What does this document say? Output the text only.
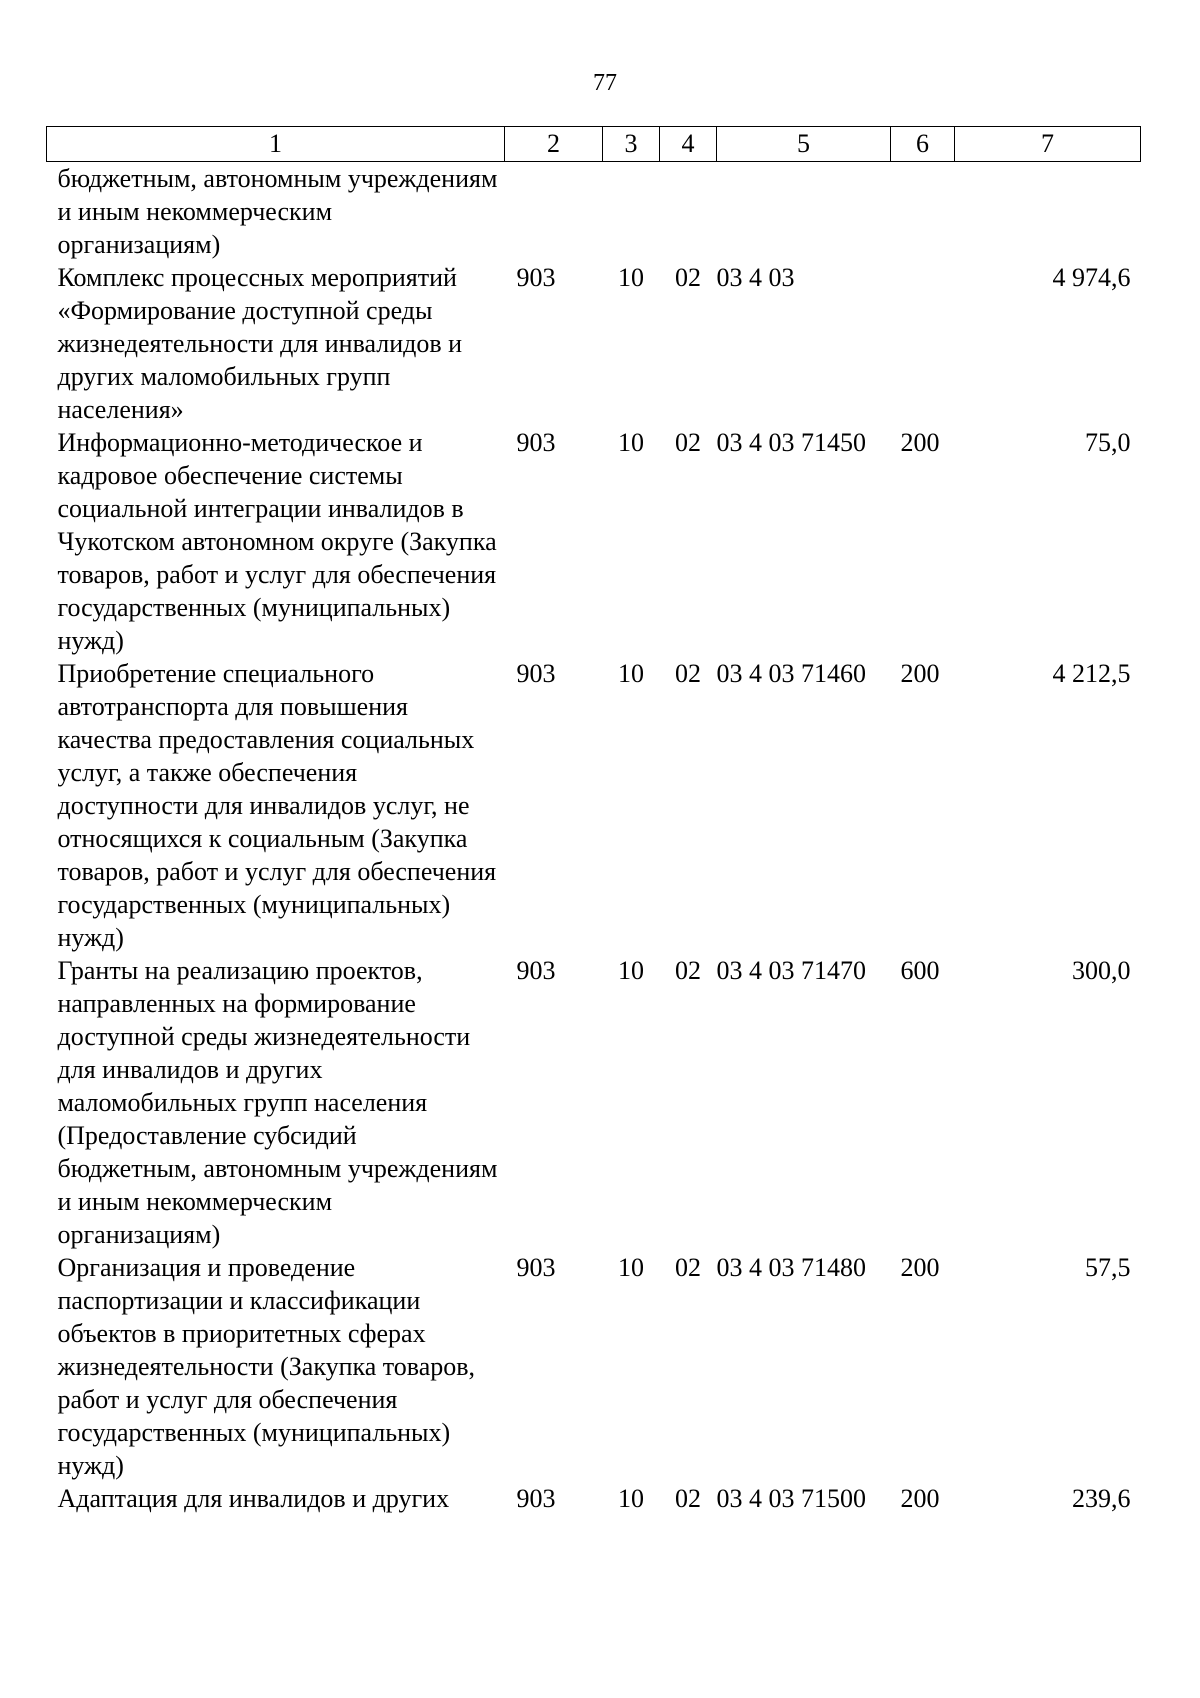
77
1	2	3	4	5	6	7
бюджетным, автономным учреждениям и иным некоммерческим организациям)						
Комплекс процессных мероприятий «Формирование доступной среды жизнедеятельности для инвалидов и других маломобильных групп населения»	903	10	02	03 4 03		4 974,6
Информационно-методическое и кадровое обеспечение системы социальной интеграции инвалидов в Чукотском автономном округе (Закупка товаров, работ и услуг для обеспечения государственных (муниципальных) нужд)	903	10	02	03 4 03 71450	200	75,0
Приобретение специального автотранспорта для повышения качества предоставления социальных услуг, а также обеспечения доступности для инвалидов услуг, не относящихся к социальным (Закупка товаров, работ и услуг для обеспечения государственных (муниципальных) нужд)	903	10	02	03 4 03 71460	200	4 212,5
Гранты на реализацию проектов, направленных на формирование доступной среды жизнедеятельности для инвалидов и других маломобильных групп населения (Предоставление субсидий бюджетным, автономным учреждениям и иным некоммерческим организациям)	903	10	02	03 4 03 71470	600	300,0
Организация и проведение паспортизации и классификации объектов в приоритетных сферах жизнедеятельности (Закупка товаров, работ и услуг для обеспечения государственных (муниципальных) нужд)	903	10	02	03 4 03 71480	200	57,5
Адаптация для инвалидов и других	903	10	02	03 4 03 71500	200	239,6
